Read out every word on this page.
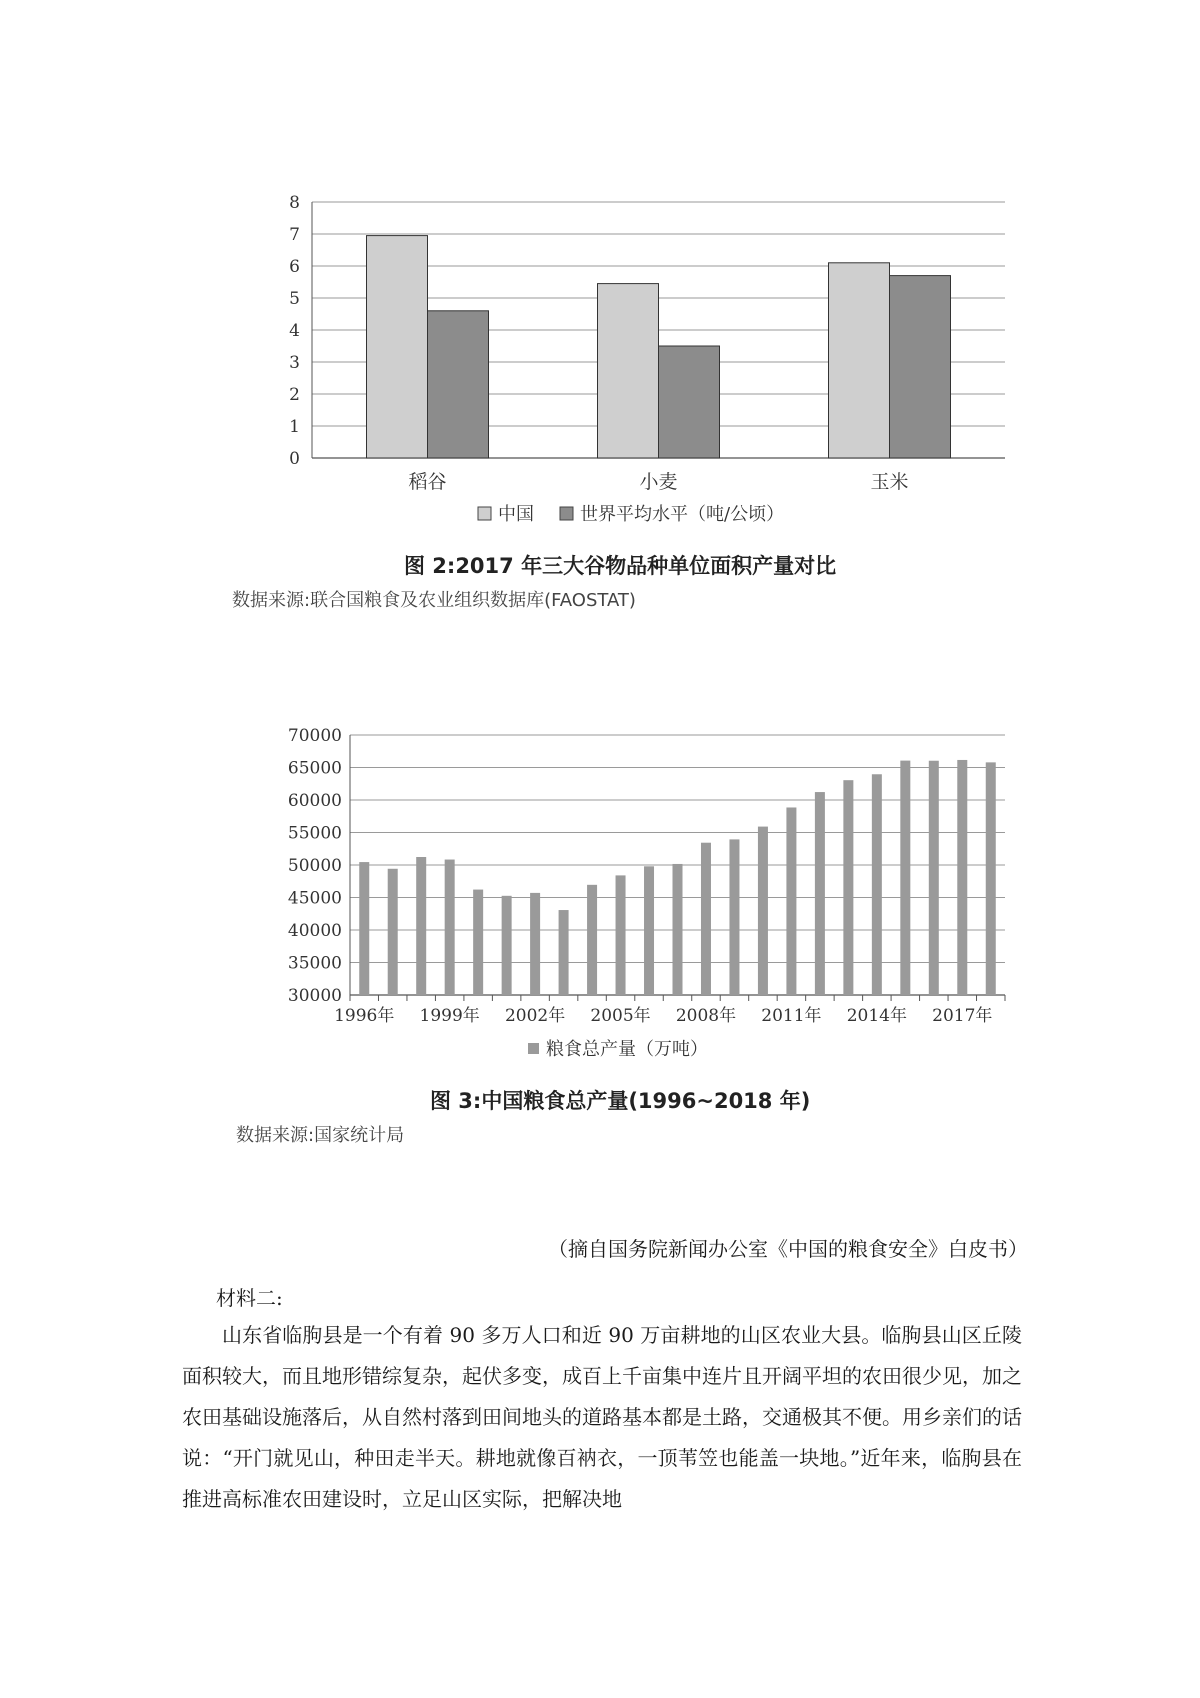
0
1
2
3
4
5
6
7
8
稻谷	小麦	玉米
中国	世界平均水平（吨/公顷）
图 2:2017 年三大谷物品种单位面积产量对比
数据来源:联合国粮食及农业组织数据库(FAOSTAT)
30000
35000
40000
45000
50000
55000
60000
65000
70000
1996年 1999年 2002年 2005年 2008年 2011年 2014年 2017年
粮食总产量（万吨）
图 3:中国粮食总产量(1996~2018 年)
数据来源:国家统计局
（摘自国务院新闻办公室《中国的粮食安全》白皮书）
材料二:

山东省临朐县是一个有着 90 多万人口和近 90 万亩耕地的山区农业大县。临朐县山区丘陵面积较大，而且地形错综复杂，起伏多变，成百上千亩集中连片且开阔平坦的农田很少见，加之农田基础设施落后，从自然村落到田间地头的道路基本都是土路，交通极其不便。用乡亲们的话说：“开门就见山，种田走半天。耕地就像百衲衣，一顶苇笠也能盖一块地。”近年来，临朐县在推进高标准农田建设时，立足山区实际，把解决地
